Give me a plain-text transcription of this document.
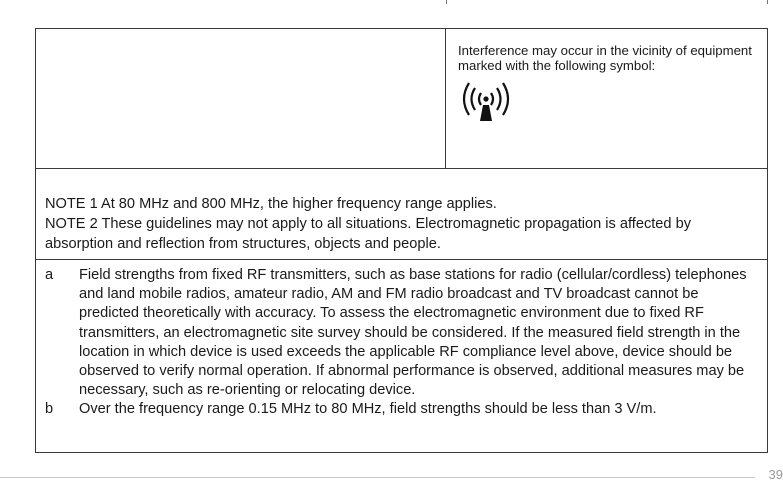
Interference may occur in the vicinity of equipment marked with the following symbol:

NOTE 1 At 80 MHz and 800 MHz, the higher frequency range applies.

NOTE 2 These guidelines may not apply to all situations. Electromagnetic propagation is affected by absorption and reflection from structures, objects and people.

a	Field strengths from fixed RF transmitters, such as base stations for radio (cellular/cordless) telephones and land mobile radios, amateur radio, AM and FM radio broadcast and TV broadcast cannot be predicted theoretically with accuracy. To assess the electromagnetic environment due to fixed RF transmitters, an electromagnetic site survey should be considered. If the measured field strength in the location in which device is used exceeds the applicable RF compliance level above, device should be observed to verify normal operation. If abnormal performance is observed, additional measures may be necessary, such as re-orienting or relocating device.
b	Over the frequency range 0.15 MHz to 80 MHz, field strengths should be less than 3 V/m.
39
